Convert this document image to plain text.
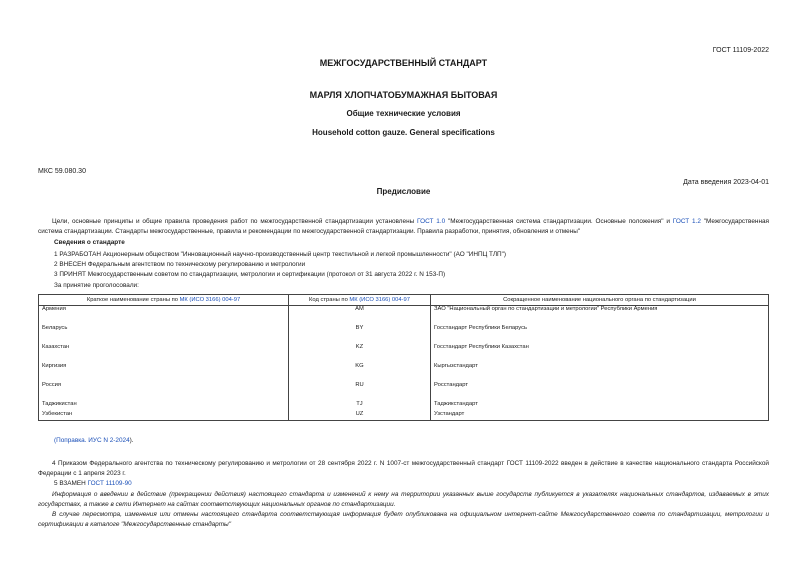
ГОСТ 11109-2022
МЕЖГОСУДАРСТВЕННЫЙ СТАНДАРТ
МАРЛЯ ХЛОПЧАТОБУМАЖНАЯ БЫТОВАЯ
Общие технические условия
Household cotton gauze. General specifications
МКС 59.080.30
Дата введения 2023-04-01
Предисловие
Цели, основные принципы и общие правила проведения работ по межгосударственной стандартизации установлены ГОСТ 1.0 "Межгосударственная система стандартизации. Основные положения" и ГОСТ 1.2 "Межгосударственная система стандартизации. Стандарты межгосударственные, правила и рекомендации по межгосударственной стандартизации. Правила разработки, принятия, обновления и отмены"
Сведения о стандарте
1 РАЗРАБОТАН Акционерным обществом "Инновационный научно-производственный центр текстильной и легкой промышленности" (АО "ИНПЦ ТЛП")
2 ВНЕСЕН Федеральным агентством по техническому регулированию и метрологии
3 ПРИНЯТ Межгосударственным советом по стандартизации, метрологии и сертификации (протокол от 31 августа 2022 г. N 153-П)
За принятие проголосовали:
Краткое наименование страны по МК (ИСО 3166) 004-97	Код страны по МК (ИСО 3166) 004-97	Сокращенное наименование национального органа по стандартизации
Армения	AM	ЗАО "Национальный орган по стандартизации и метрологии" Республики Армения
Беларусь	BY	Госстандарт Республики Беларусь
Казахстан	KZ	Госстандарт Республики Казахстан
Киргизия	KG	Кыргызстандарт
Россия	RU	Росстандарт
Таджикистан	TJ	Таджикстандарт
Узбекистан	UZ	Узстандарт
(Поправка. ИУС N 2-2024).
4 Приказом Федерального агентства по техническому регулированию и метрологии от 28 сентября 2022 г. N 1007-ст межгосударственный стандарт ГОСТ 11109-2022 введен в действие в качестве национального стандарта Российской Федерации с 1 апреля 2023 г.
5 ВЗАМЕН ГОСТ 11109-90
Информация о введении в действие (прекращении действия) настоящего стандарта и изменений к нему на территории указанных выше государств публикуется в указателях национальных стандартов, издаваемых в этих государствах, а также в сети Интернет на сайтах соответствующих национальных органов по стандартизации.
В случае пересмотра, изменения или отмены настоящего стандарта соответствующая информация будет опубликована на официальном интернет-сайте Межгосударственного совета по стандартизации, метрологии и сертификации в каталоге "Межгосударственные стандарты"
